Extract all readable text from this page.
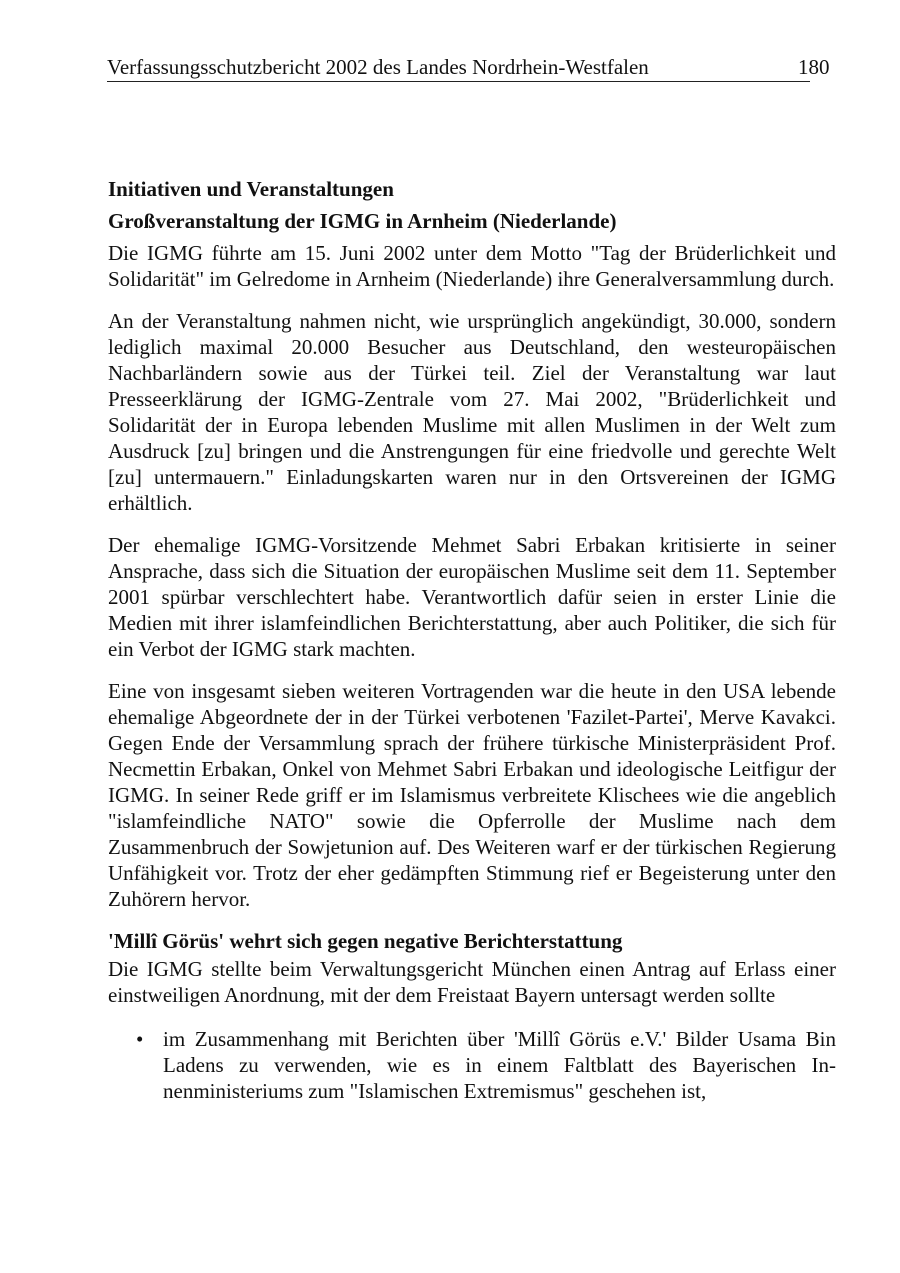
Verfassungsschutzbericht 2002 des Landes Nordrhein-Westfalen	180
Initiativen und Veranstaltungen
Großveranstaltung der IGMG in Arnheim (Niederlande)

Die IGMG führte am 15. Juni 2002 unter dem Motto "Tag der Brüderlichkeit und Solidarität" im Gelredome in Arnheim (Niederlande) ihre Generalversammlung durch.

An der Veranstaltung nahmen nicht, wie ursprünglich angekündigt, 30.000, sondern lediglich maximal 20.000 Besucher aus Deutschland, den westeuropäischen Nachbarländern sowie aus der Türkei teil. Ziel der Veranstaltung war laut Presseerklärung der IGMG-Zentrale vom 27. Mai 2002, "Brüderlichkeit und Solidarität der in Europa lebenden Muslime mit allen Muslimen in der Welt zum Ausdruck [zu] bringen und die Anstrengungen für eine friedvolle und gerechte Welt [zu] untermauern." Einladungskarten waren nur in den Ortsvereinen der IGMG erhältlich.

Der ehemalige IGMG-Vorsitzende Mehmet Sabri Erbakan kritisierte in seiner Ansprache, dass sich die Situation der europäischen Muslime seit dem 11. September 2001 spürbar verschlechtert habe. Verantwortlich dafür seien in erster Linie die Medien mit ihrer islamfeindlichen Berichterstattung, aber auch Politiker, die sich für ein Verbot der IGMG stark machten.

Eine von insgesamt sieben weiteren Vortragenden war die heute in den USA lebende ehemalige Abgeordnete der in der Türkei verbotenen 'Fazilet-Partei', Merve Kavakci. Gegen Ende der Versammlung sprach der frühere türkische Ministerpräsident Prof. Necmettin Erbakan, Onkel von Mehmet Sabri Erbakan und ideologische Leitfigur der IGMG. In seiner Rede griff er im Islamismus verbreitete Klischees wie die angeblich "islamfeindliche NATO" sowie die Opferrolle der Muslime nach dem Zusammenbruch der Sowjetunion auf. Des Weiteren warf er der türkischen Regierung Unfähigkeit vor. Trotz der eher gedämpften Stimmung rief er Begeisterung unter den Zuhörern hervor.

'Millî Görüs' wehrt sich gegen negative Berichterstattung

Die IGMG stellte beim Verwaltungsgericht München einen Antrag auf Erlass einer einstweiligen Anordnung, mit der dem Freistaat Bayern untersagt werden sollte

• im Zusammenhang mit Berichten über 'Millî Görüs e.V.' Bilder Usama Bin Ladens zu verwenden, wie es in einem Faltblatt des Bayerischen Innenministeriums zum "Islamischen Extremismus" geschehen ist,
